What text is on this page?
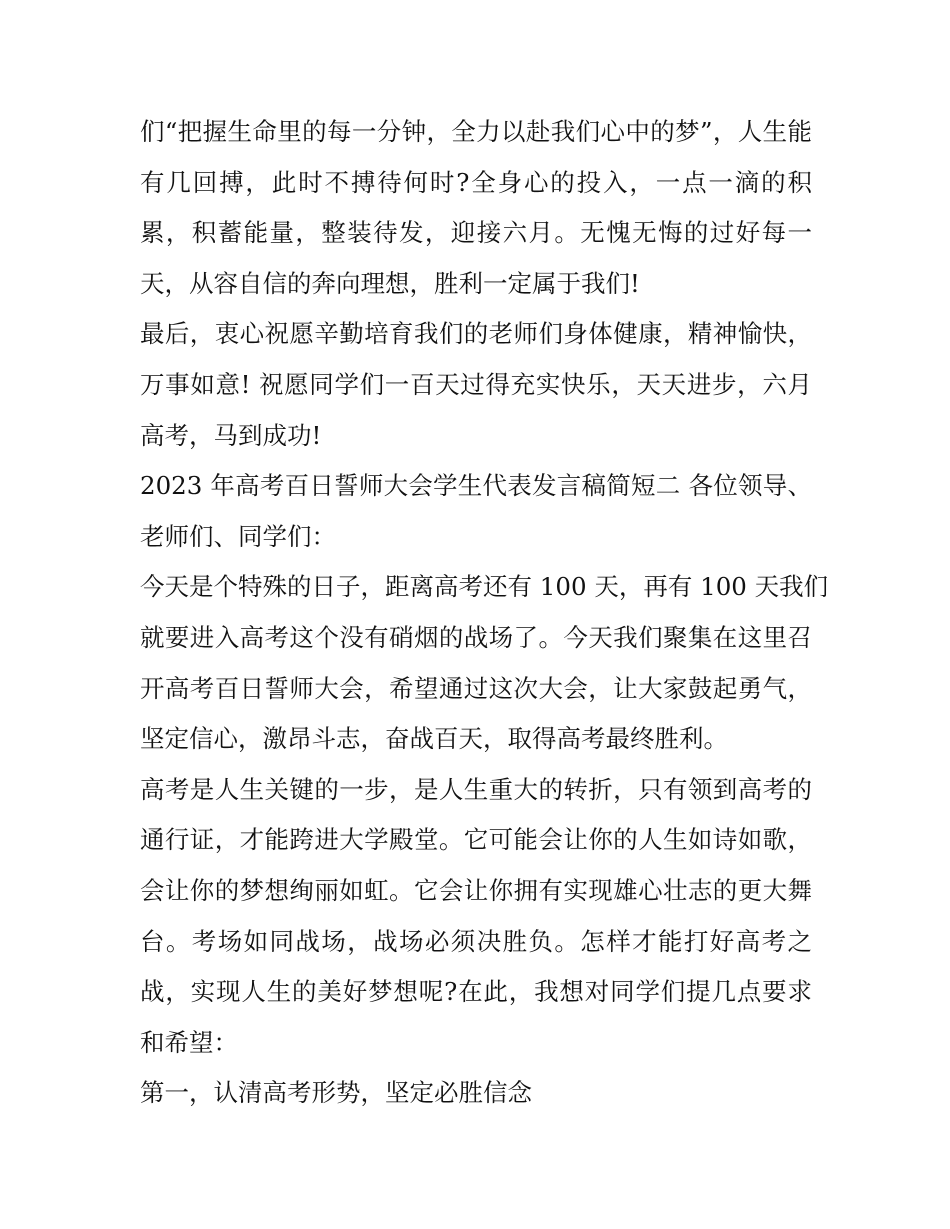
们“把握生命里的每一分钟，全力以赴我们心中的梦”，人生能
有几回搏，此时不搏待何时?全身心的投入，一点一滴的积
累，积蓄能量，整装待发，迎接六月。无愧无悔的过好每一
天，从容自信的奔向理想，胜利一定属于我们!
最后，衷心祝愿辛勤培育我们的老师们身体健康，精神愉快，
万事如意! 祝愿同学们一百天过得充实快乐，天天进步，六月
高考，马到成功!
2023 年高考百日誓师大会学生代表发言稿简短二 各位领导、
老师们、同学们：
今天是个特殊的日子，距离高考还有 100 天，再有 100 天我们
就要进入高考这个没有硝烟的战场了。今天我们聚集在这里召
开高考百日誓师大会，希望通过这次大会，让大家鼓起勇气，
坚定信心，激昂斗志，奋战百天，取得高考最终胜利。
高考是人生关键的一步，是人生重大的转折，只有领到高考的
通行证，才能跨进大学殿堂。它可能会让你的人生如诗如歌，
会让你的梦想绚丽如虹。它会让你拥有实现雄心壮志的更大舞
台。考场如同战场，战场必须决胜负。怎样才能打好高考之
战，实现人生的美好梦想呢?在此，我想对同学们提几点要求
和希望：
第一，认清高考形势，坚定必胜信念
